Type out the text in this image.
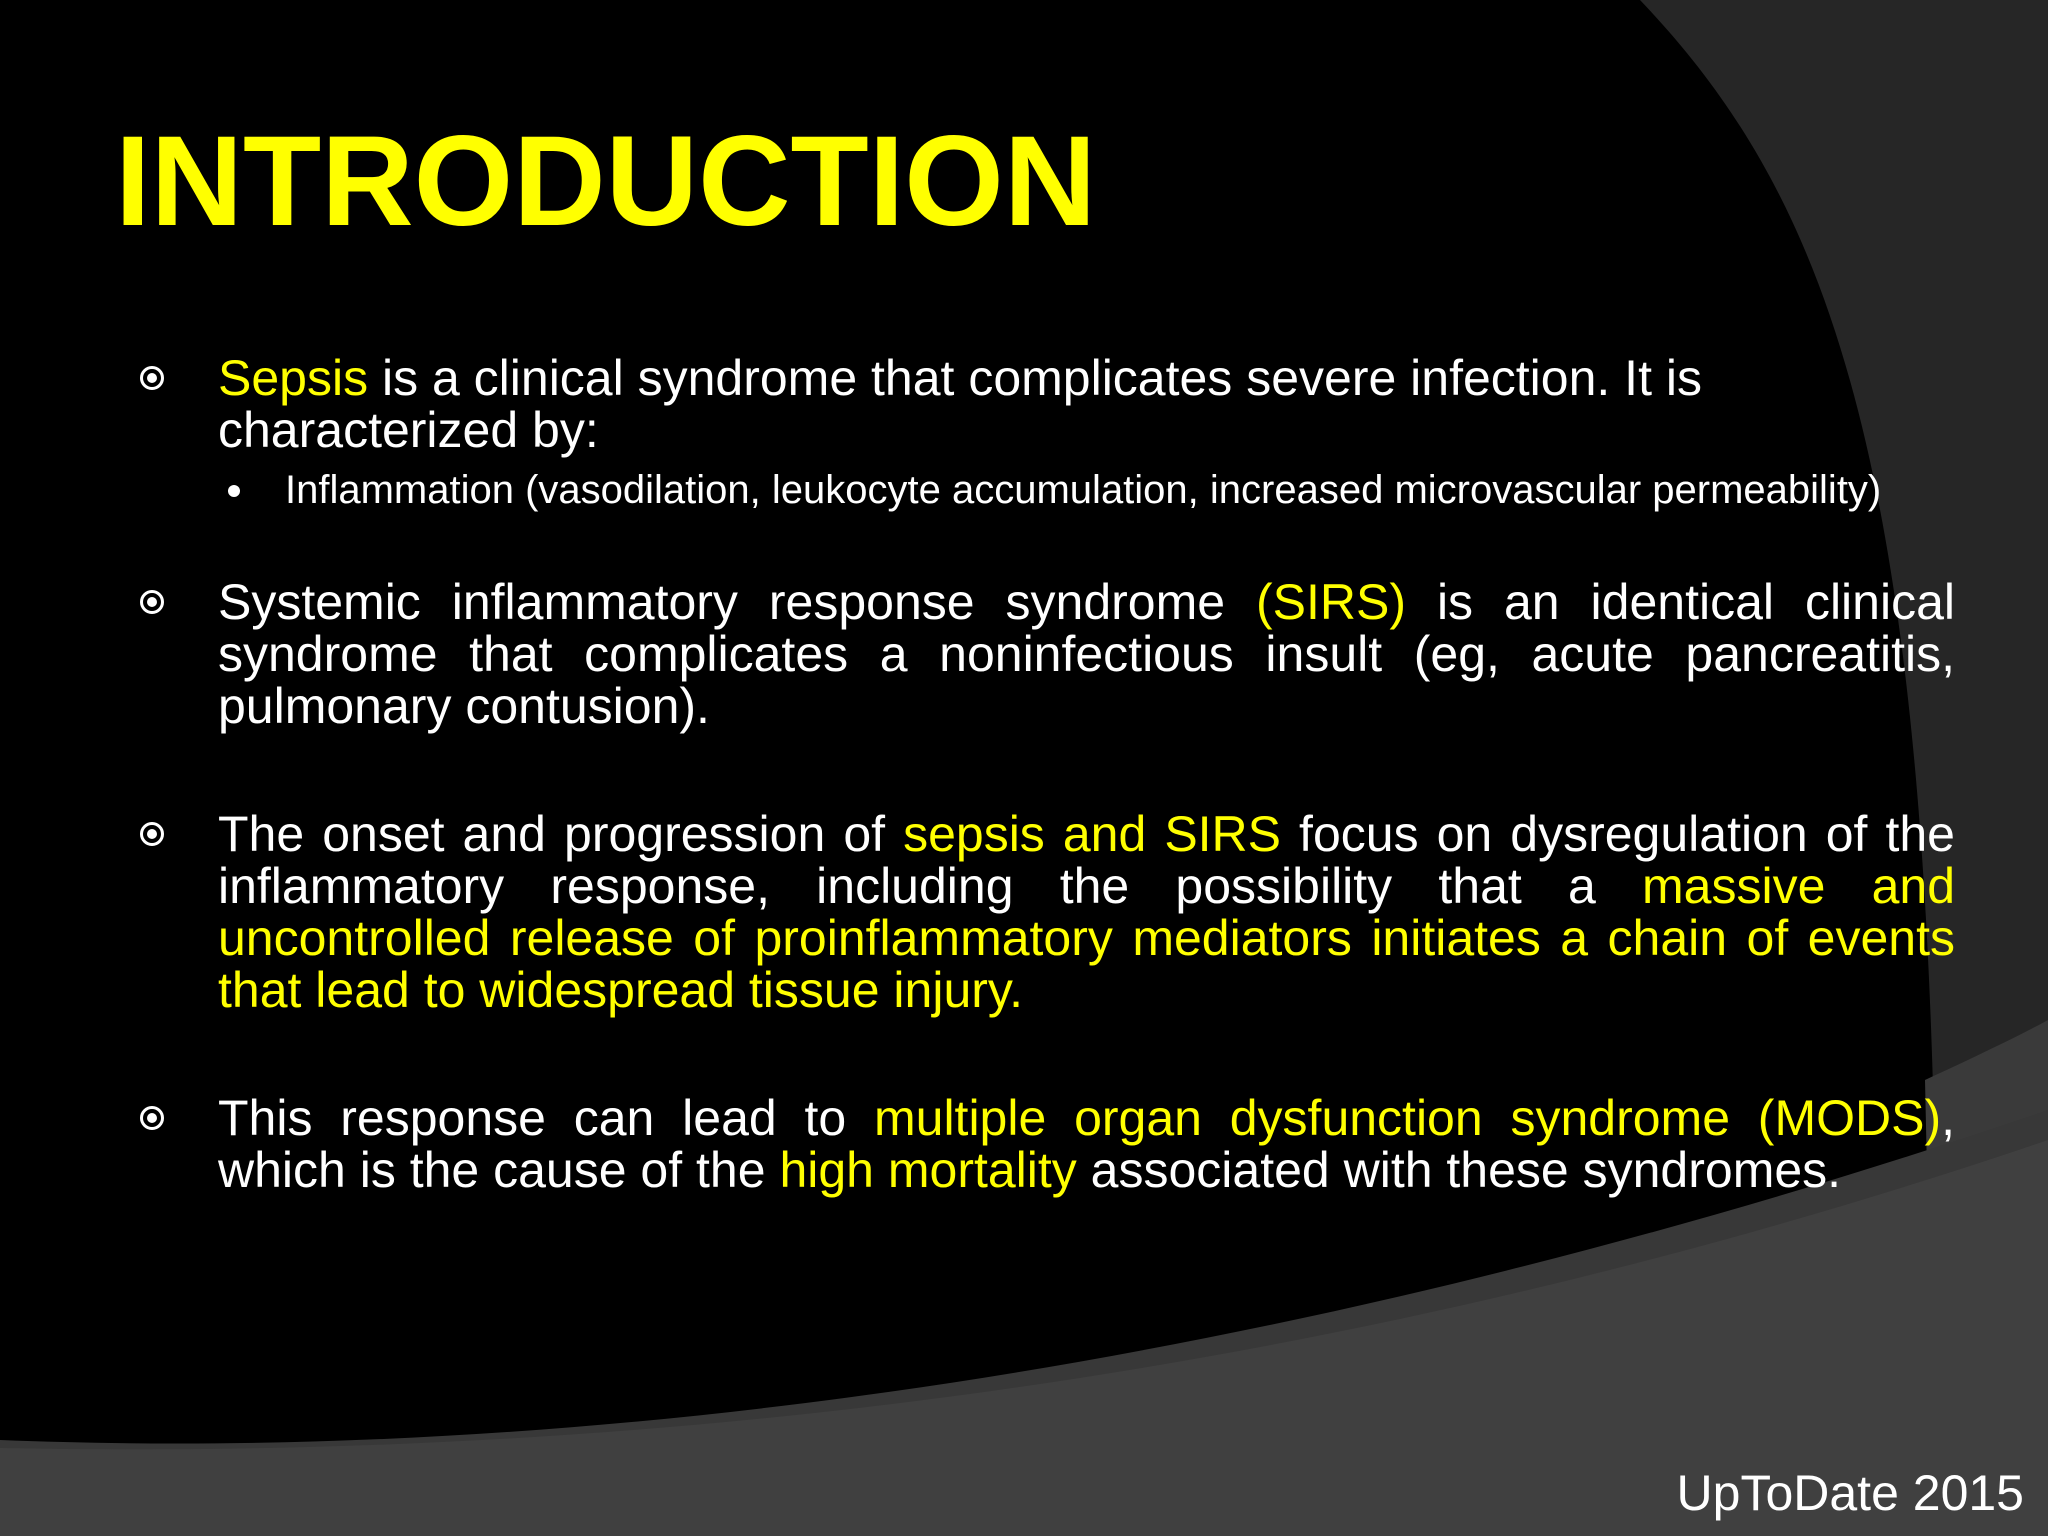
INTRODUCTION
Sepsis is a clinical syndrome that complicates severe infection. It is characterized by:
Inflammation (vasodilation, leukocyte accumulation, increased microvascular permeability)
Systemic inflammatory response syndrome (SIRS) is an identical clinical syndrome that complicates a noninfectious insult (eg, acute pancreatitis, pulmonary contusion).
The onset and progression of sepsis and SIRS focus on dysregulation of the inflammatory response, including the possibility that a massive and uncontrolled release of proinflammatory mediators initiates a chain of events that lead to widespread tissue injury.
This response can lead to multiple organ dysfunction syndrome (MODS), which is the cause of the high mortality associated with these syndromes.
UpToDate 2015
